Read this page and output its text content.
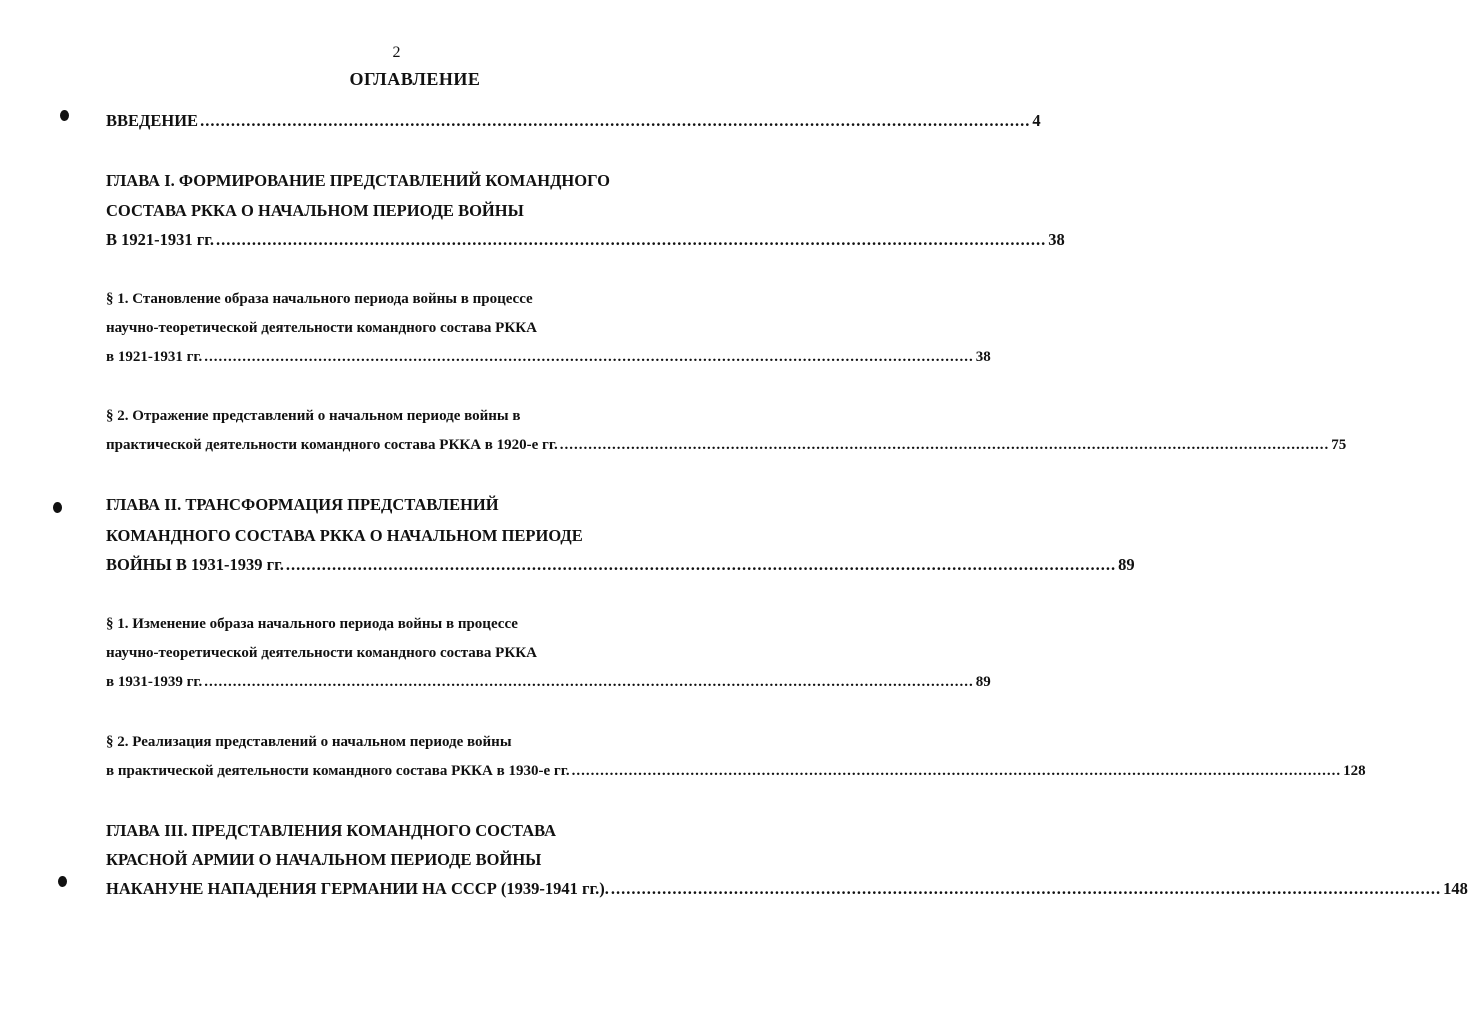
2
ОГЛАВЛЕНИЕ
ВВЕДЕНИЕ .................................................................................................................................................................. 4
ГЛАВА I. ФОРМИРОВАНИЕ ПРЕДСТАВЛЕНИЙ КОМАНДНОГО
СОСТАВА РККА О НАЧАЛЬНОМ ПЕРИОДЕ ВОЙНЫ
В 1921-1931 гг. .................................................................................................................................................................. 38
§ 1. Становление образа начального периода войны в процессе
научно-теоретической деятельности командного состава РККА
в 1921-1931 гг. .................................................................................................................................................................. 38
§ 2. Отражение представлений о начальном периоде войны в
практической деятельности командного состава РККА в 1920-е гг. .................................................................................................................................................................. 75
ГЛАВА II. ТРАНСФОРМАЦИЯ ПРЕДСТАВЛЕНИЙ
КОМАНДНОГО СОСТАВА РККА О НАЧАЛЬНОМ ПЕРИОДЕ
ВОЙНЫ В 1931-1939 гг. .................................................................................................................................................................. 89
§ 1. Изменение образа начального периода войны в процессе
научно-теоретической деятельности командного состава РККА
в 1931-1939 гг. .................................................................................................................................................................. 89
§ 2. Реализация представлений о начальном периоде войны
в практической деятельности командного состава РККА в 1930-е гг. .................................................................................................................................................................. 128
ГЛАВА III. ПРЕДСТАВЛЕНИЯ КОМАНДНОГО СОСТАВА
КРАСНОЙ АРМИИ О НАЧАЛЬНОМ ПЕРИОДЕ ВОЙНЫ
НАКАНУНЕ НАПАДЕНИЯ ГЕРМАНИИ НА СССР (1939-1941 гг.). .................................................................................................................................................................. 148
